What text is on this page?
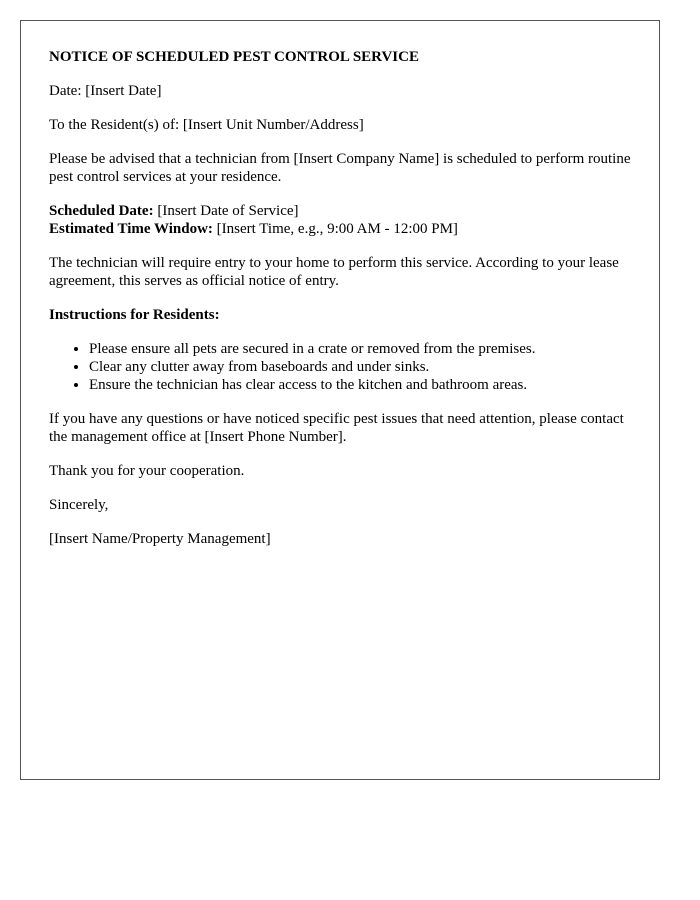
NOTICE OF SCHEDULED PEST CONTROL SERVICE

Date: [Insert Date]

To the Resident(s) of: [Insert Unit Number/Address]

Please be advised that a technician from [Insert Company Name] is scheduled to perform routine pest control services at your residence.

Scheduled Date: [Insert Date of Service]
Estimated Time Window: [Insert Time, e.g., 9:00 AM - 12:00 PM]

The technician will require entry to your home to perform this service. According to your lease agreement, this serves as official notice of entry.

Instructions for Residents:
• Please ensure all pets are secured in a crate or removed from the premises.
• Clear any clutter away from baseboards and under sinks.
• Ensure the technician has clear access to the kitchen and bathroom areas.

If you have any questions or have noticed specific pest issues that need attention, please contact the management office at [Insert Phone Number].

Thank you for your cooperation.

Sincerely,

[Insert Name/Property Management]
